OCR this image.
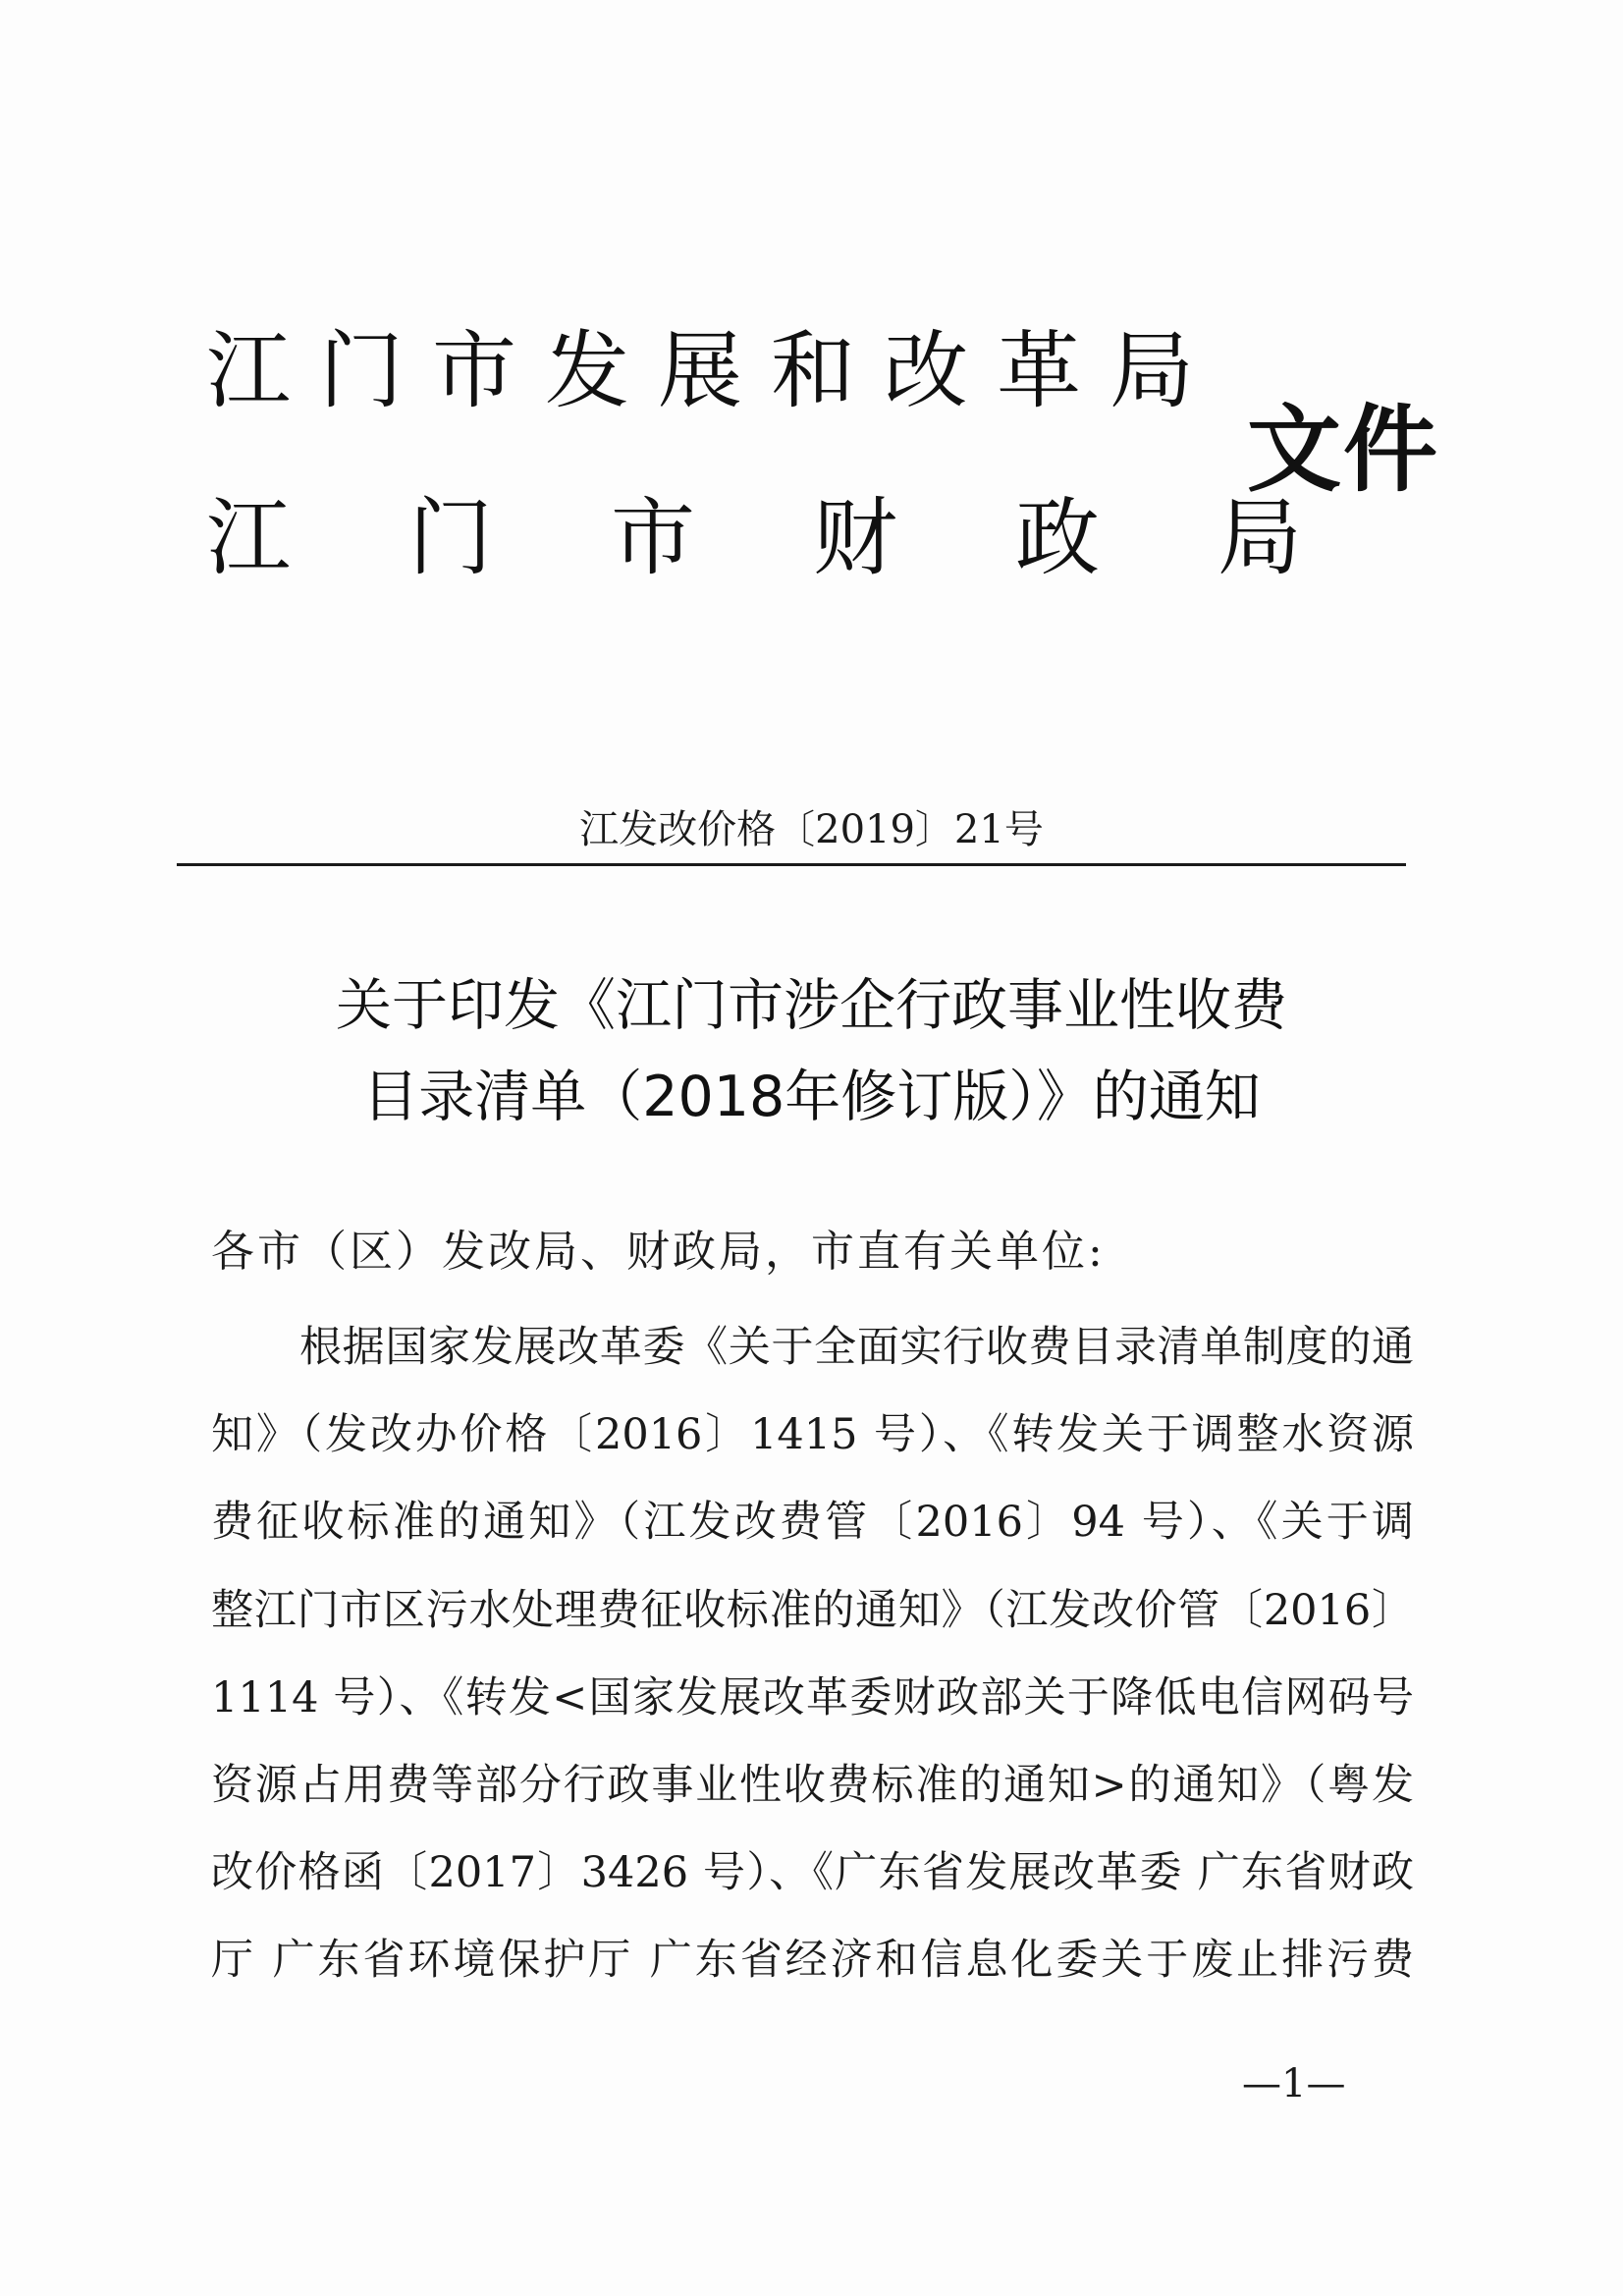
江门市发展和改革局
江门市财政局
文件
江发改价格〔2019〕21号
关于印发《江门市涉企行政事业性收费
目录清单（2018年修订版）》的通知
各市（区）发改局、财政局，市直有关单位:
根据国家发展改革委《关于全面实行收费目录清单制度的通
知》（发改办价格〔2016〕1415 号）、《转发关于调整水资源
费征收标准的通知》（江发改费管〔2016〕94 号）、《关于调
整江门市区污水处理费征收标准的通知》（江发改价管〔2016〕
1114 号）、《转发<国家发展改革委财政部关于降低电信网码号
资源占用费等部分行政事业性收费标准的通知>的通知》（粤发
改价格函〔2017〕3426 号）、《广东省发展改革委 广东省财政
厅 广东省环境保护厅 广东省经济和信息化委关于废止排污费
—1—
